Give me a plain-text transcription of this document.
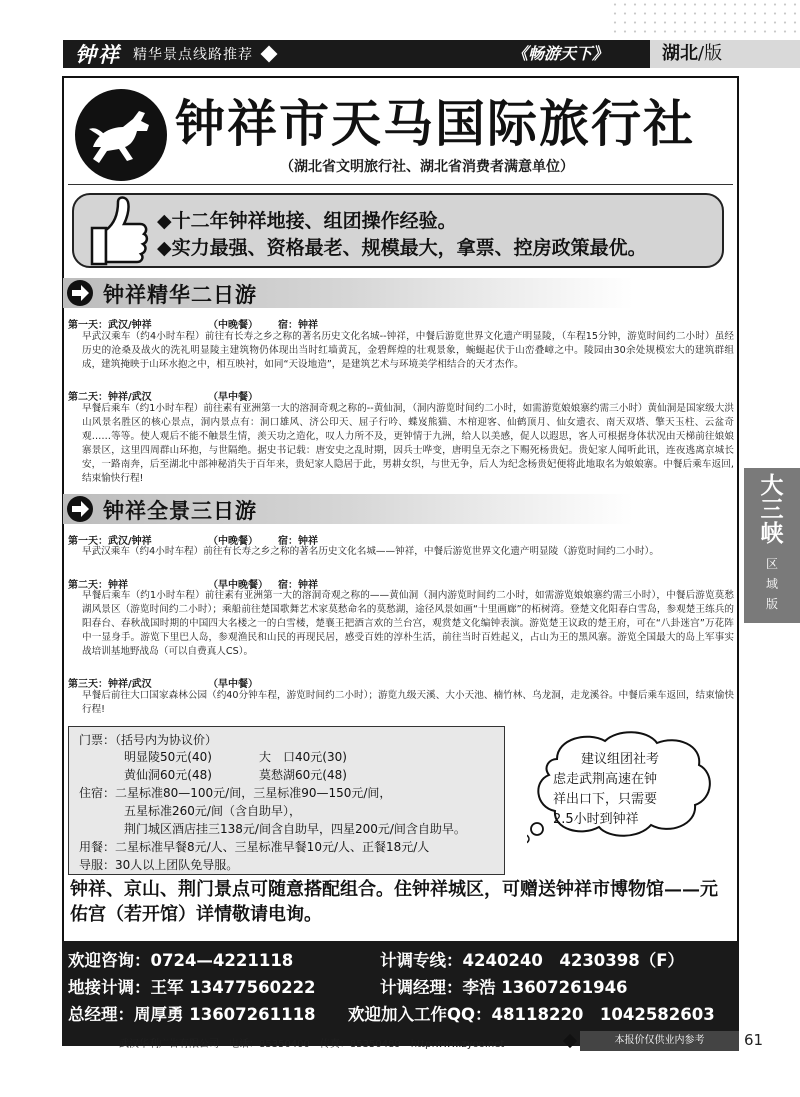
钟祥 精华景点线路推荐	《畅游天下》	湖北/版
钟祥市天马国际旅行社
（湖北省文明旅行社、湖北省消费者满意单位）
◆十二年钟祥地接、组团操作经验。
◆实力最强、资格最老、规模最大，拿票、控房政策最优。
钟祥精华二日游
第一天：武汉/钟祥	（中晚餐） 宿：钟祥
早武汉乘车（约4小时车程）前往有长寿之乡之称的著名历史文化名城--钟祥，中餐后游览世界文化遗产明显陵，（车程15分钟，游览时间约二小时）虽经历史的沧桑及战火的洗礼明显陵主建筑物仍体现出当时红墙黄瓦，金碧辉煌的壮观景象，蜿蜒起伏于山峦叠嶂之中。陵园由30余处规模宏大的建筑群组成，建筑掩映于山环水抱之中，相互映衬，如同“天设地造”，是建筑艺术与环境美学相结合的天才杰作。
第二天：钟祥/武汉	（早中餐）
早餐后乘车（约1小时车程）前往素有亚洲第一大的溶洞奇观之称的--黄仙洞，（洞内游览时间约二小时，如需游览娘娘寨约需三小时）黄仙洞是国家级大洪山风景名胜区的核心景点，洞内景点有：洞口雄风、济公印天、屈子行吟、蝶岌熊猫、木棺迎客、仙鹤顶月、仙女遗衣、南天双塔、擎天玉柱、云盆奇观……等等。使人观后不能不触景生情，羡天功之造化，叹人力所不及，更钟情于九洲，给人以美感，促人以遐思，客人可根据身体状况由天梯前往娘娘寨景区，这里四周群山环抱，与世隔绝。据史书记载：唐安史之乱时期，因兵士哗变，唐明皇无奈之下赐死杨贵妃。贵妃家人闻听此讯，连夜逃离京城长安，一路南奔，后至湖北中部神秘消失于百年来，贵妃家人隐居于此，男耕女织，与世无争，后人为纪念杨贵妃便将此地取名为娘娘寨。中餐后乘车返回,结束愉快行程!
钟祥全景三日游
第一天：武汉/钟祥	（中晚餐） 宿：钟祥
早武汉乘车（约4小时车程）前往有长寿之乡之称的著名历史文化名城——钟祥，中餐后游览世界文化遗产明显陵（游览时间约二小时）。
第二天：钟祥	（早中晚餐） 宿：钟祥
早餐后乘车（约1小时车程）前往素有亚洲第一大的溶洞奇观之称的——黄仙洞（洞内游览时间约二小时，如需游览娘娘寨约需三小时），中餐后游览莫愁湖风景区（游览时间约二小时）；乘船前往楚国歌舞艺术家莫愁命名的莫愁湖，途径风景如画“十里画廊”的柘树湾。登楚文化阳春白雪岛，参观楚王练兵的阳春台、春秋战国时期的中国四大名楼之一的白雪楼，楚襄王把酒言欢的兰台宫，观赏楚文化编钟表演。游览楚王议政的楚王府，可在“八卦迷宫”万花阵中一显身手。游览下里巴人岛，参观渔民和山民的再现民居，感受百姓的淳朴生活，前往当时百姓起义，占山为王的黑风寨。游览全国最大的岛上军事实战培训基地野战岛（可以自费真人CS）。
第三天：钟祥/武汉	（早中餐）
早餐后前往大口国家森林公园（约40分钟车程，游览时间约二小时）；游览九级天溪、大小天池、楠竹林、乌龙洞，走龙溪谷。中餐后乘车返回，结束愉快行程!
门票：（括号内为协议价）
明显陵50元(40)	大　口40元(30)
黄仙洞60元(48)	莫愁湖60元(48)
住宿：二星标准80—100元/间，三星标准90—150元/间，
五星标准260元/间（含自助早），
荆门城区酒店挂三138元/间含自助早，四星200元/间含自助早。
用餐：二星标准早餐8元/人、三星标准早餐10元/人、正餐18元/人
导服：30人以上团队免导服。
建议组团社考
虑走武荆高速在钟
祥出口下，只需要
2.5小时到钟祥
钟祥、京山、荆门景点可随意搭配组合。住钟祥城区，可赠送钟祥市博物馆——元佑宫（若开馆）详情敬请电询。
欢迎咨询：0724—4221118	计调专线：4240240　4230398（F）
地接计调：王军 13477560222	计调经理：李浩 13607261946
总经理：周厚勇 13607261118 欢迎加入工作QQ：48118220　1042582603
大三峡
区
域
版
武汉华利广告有限公司　电话：85350400　传真：85350489　http:www.zyoo.net	本报价仅供业内参考	61
